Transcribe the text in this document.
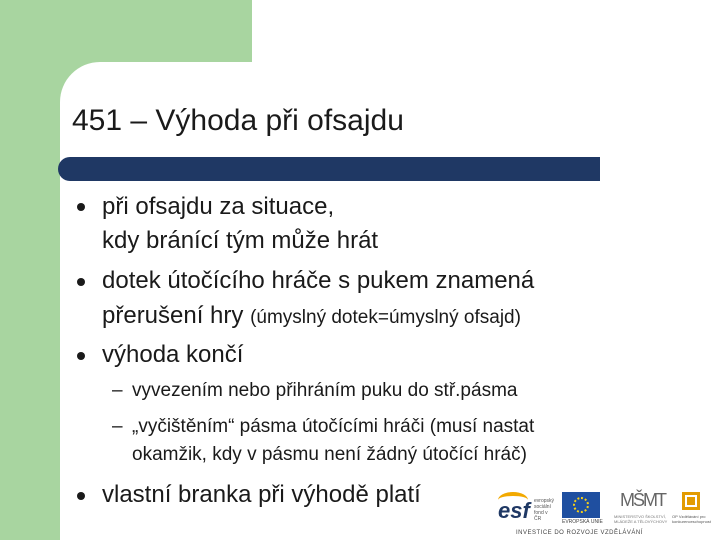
451 – Výhoda při ofsajdu
při ofsajdu za situace,
kdy bránící tým může hrát
dotek útočícího hráče s pukem znamená
přerušení hry (úmyslný dotek=úmyslný ofsajd)
výhoda končí
– vyvezením nebo přihráním puku do stř.pásma
– „vyčištěním“ pásma útočícími hráči (musí nastat
okamžik, kdy v pásmu není žádný útočící hráč)
vlastní branka při výhodě platí
esf evropský
sociální
fond v ČR	EVROPSKÁ UNIE
MŠMT
MINISTERSTVO ŠKOLSTVÍ, MLÁDEŽE A TĚLOVÝCHOVY
OP Vzdělávání pro konkurenceschopnost
INVESTICE DO ROZVOJE VZDĚLÁVÁNÍ
